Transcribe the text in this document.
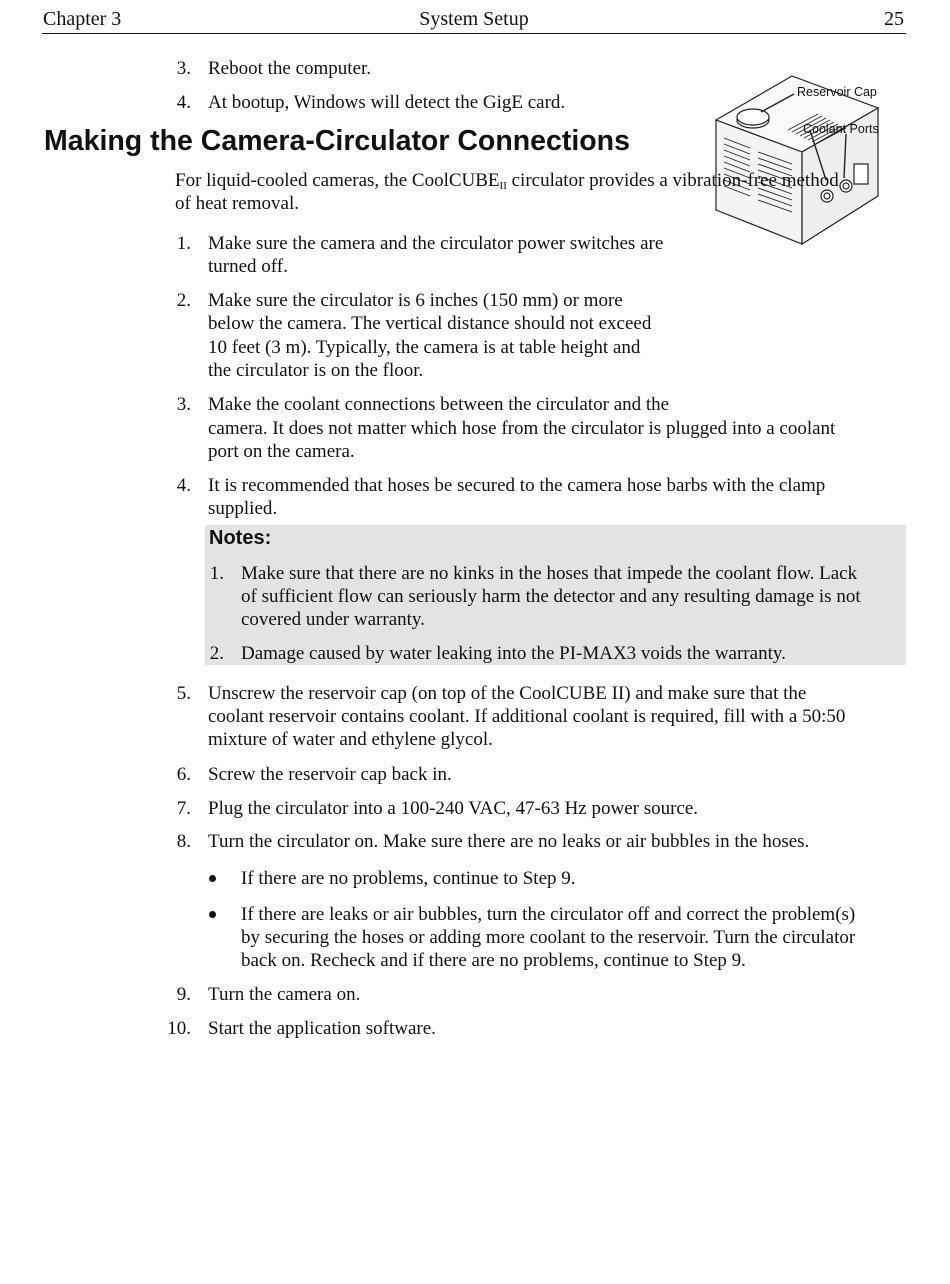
Chapter 3	System Setup	25
3. Reboot the computer.
4. At bootup, Windows will detect the GigE card.
Making the Camera-Circulator Connections
Reservoir Cap
Coolant Ports
For liquid-cooled cameras, the CoolCUBE$_{II}$ circulator provides a vibration-free method
of heat removal.
1. Make sure the camera and the circulator power switches are
turned off.
2. Make sure the circulator is 6 inches (150 mm) or more
below the camera. The vertical distance should not exceed
10 feet (3 m). Typically, the camera is at table height and
the circulator is on the floor.
3. Make the coolant connections between the circulator and the
camera. It does not matter which hose from the circulator is plugged into a coolant
port on the camera.
4. It is recommended that hoses be secured to the camera hose barbs with the clamp
supplied.
Notes:
1. Make sure that there are no kinks in the hoses that impede the coolant flow. Lack
of sufficient flow can seriously harm the detector and any resulting damage is not
covered under warranty.
2. Damage caused by water leaking into the PI-MAX3 voids the warranty.
5. Unscrew the reservoir cap (on top of the CoolCUBE II) and make sure that the
coolant reservoir contains coolant. If additional coolant is required, fill with a 50:50
mixture of water and ethylene glycol.
6. Screw the reservoir cap back in.
7. Plug the circulator into a 100-240 VAC, 47-63 Hz power source.
8. Turn the circulator on. Make sure there are no leaks or air bubbles in the hoses.
If there are no problems, continue to Step 9.
If there are leaks or air bubbles, turn the circulator off and correct the problem(s)
by securing the hoses or adding more coolant to the reservoir. Turn the circulator
back on. Recheck and if there are no problems, continue to Step 9.
9. Turn the camera on.
10. Start the application software.
